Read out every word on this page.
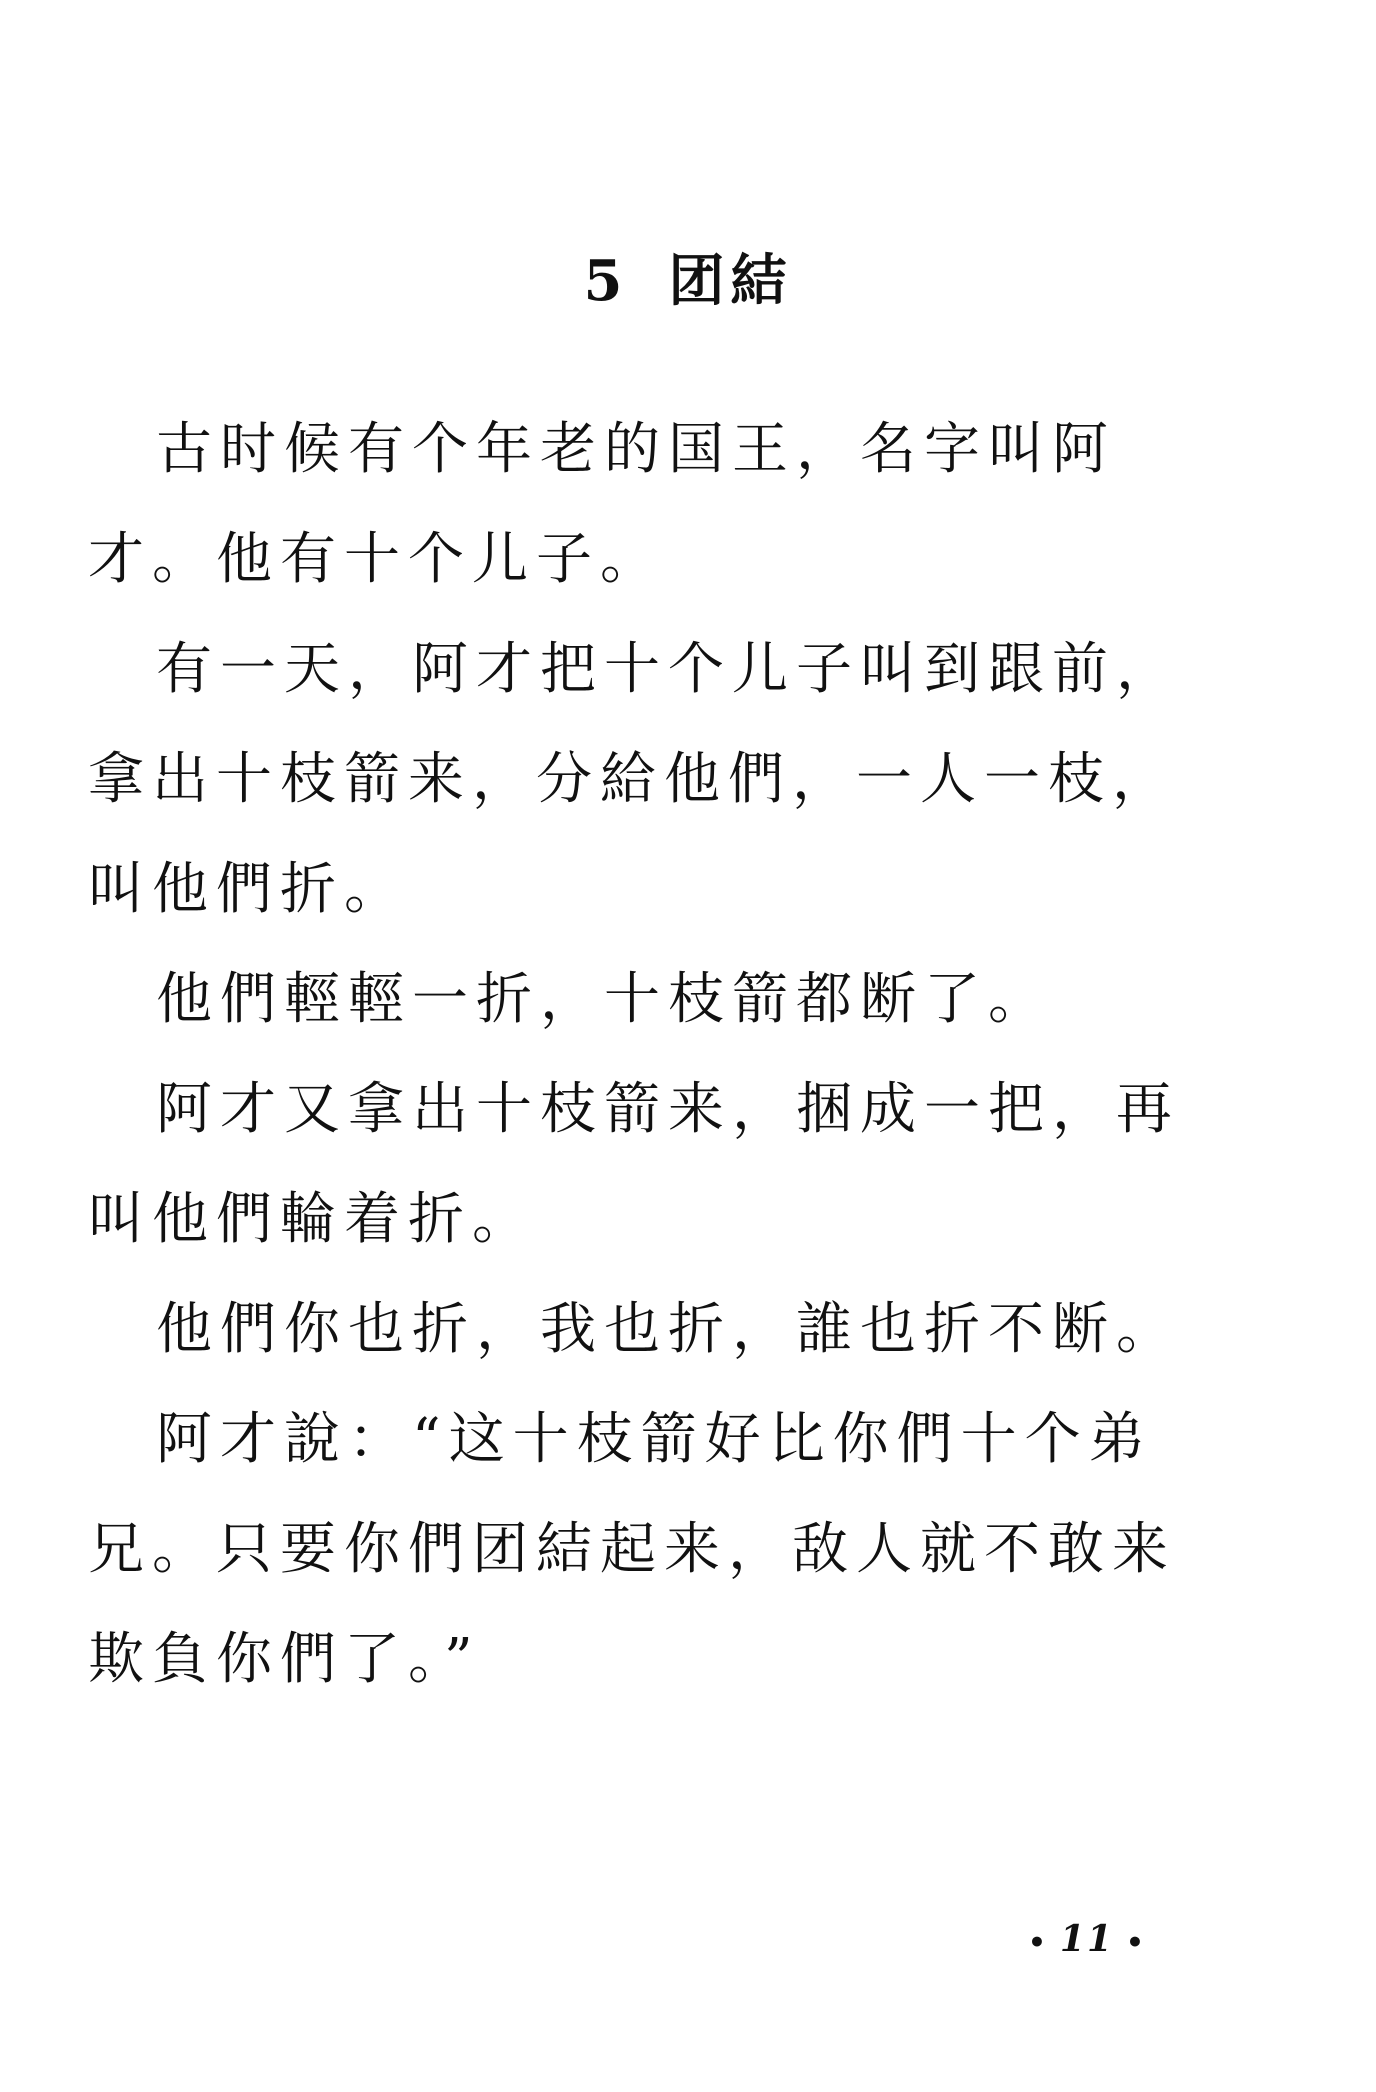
5 团結

古时候有个年老的国王，名字叫阿才。他有十个儿子。

有一天，阿才把十个儿子叫到跟前，拿出十枝箭来，分給他們，一人一枝，叫他們折。

他們輕輕一折，十枝箭都断了。

阿才又拿出十枝箭来，捆成一把，再叫他們輪着折。

他們你也折，我也折，誰也折不断。

阿才說：“这十枝箭好比你們十个弟兄。只要你們团結起来，敌人就不敢来欺負你們了。”

• 11 •
